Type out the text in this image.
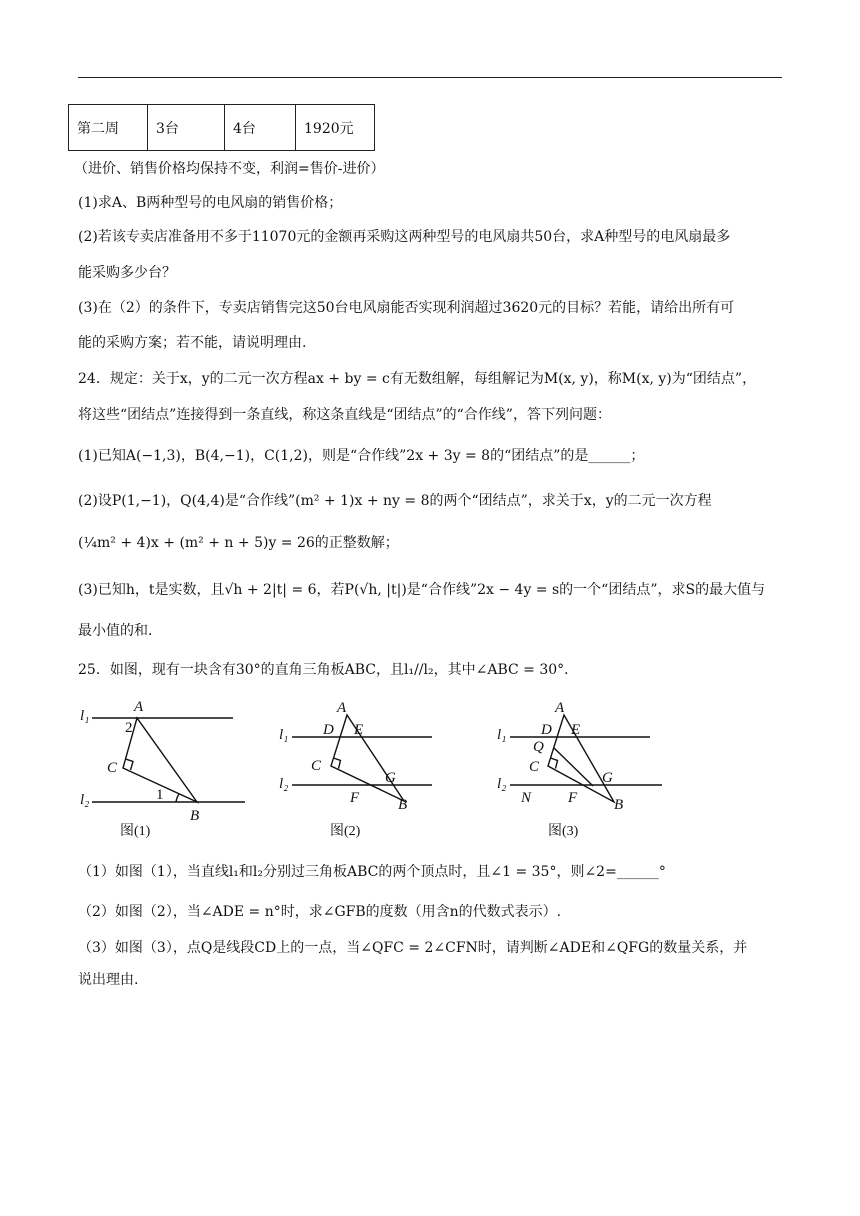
第二周	3台	4台	1920元
（进价、销售价格均保持不变，利润=售价-进价）
(1)求A、B两种型号的电风扇的销售价格；
(2)若该专卖店准备用不多于11070元的金额再采购这两种型号的电风扇共50台，求A种型号的电风扇最多
能采购多少台？
(3)在（2）的条件下，专卖店销售完这50台电风扇能否实现利润超过3620元的目标？若能，请给出所有可
能的采购方案；若不能，请说明理由.
24．规定：关于x，y的二元一次方程ax + by = c有无数组解，每组解记为M(x, y)，称M(x, y)为“团结点”，
将这些“团结点”连接得到一条直线，称这条直线是“团结点”的“合作线”，答下列问题：
(1)已知A(−1,3)，B(4,−1)，C(1,2)，则是“合作线”2x + 3y = 8的“团结点”的是______；
(2)设P(1,−1)，Q(4,4)是“合作线”(m² + 1)x + ny = 8的两个“团结点”，求关于x，y的二元一次方程
(¼m² + 4)x + (m² + n + 5)y = 26的正整数解；
(3)已知h，t是实数，且√h + 2|t| = 6，若P(√h, |t|)是“合作线”2x − 4y = s的一个“团结点”，求S的最大值与
最小值的和.
25．如图，现有一块含有30°的直角三角板ABC，且l₁//l₂，其中∠ABC = 30°．
l₁
l₂
A
2
C
1
B
图(1)
l₁
l₂
A
D E
C
G
F	B
图(2)
l₁
l₂
A
D E
Q
C
G
N F B
图(3)
（1）如图（1），当直线l₁和l₂分别过三角板ABC的两个顶点时，且∠1 = 35°，则∠2=______°
（2）如图（2），当∠ADE = n°时，求∠GFB的度数（用含n的代数式表示）.
（3）如图（3），点Q是线段CD上的一点，当∠QFC = 2∠CFN时，请判断∠ADE和∠QFG的数量关系，并
说出理由.
